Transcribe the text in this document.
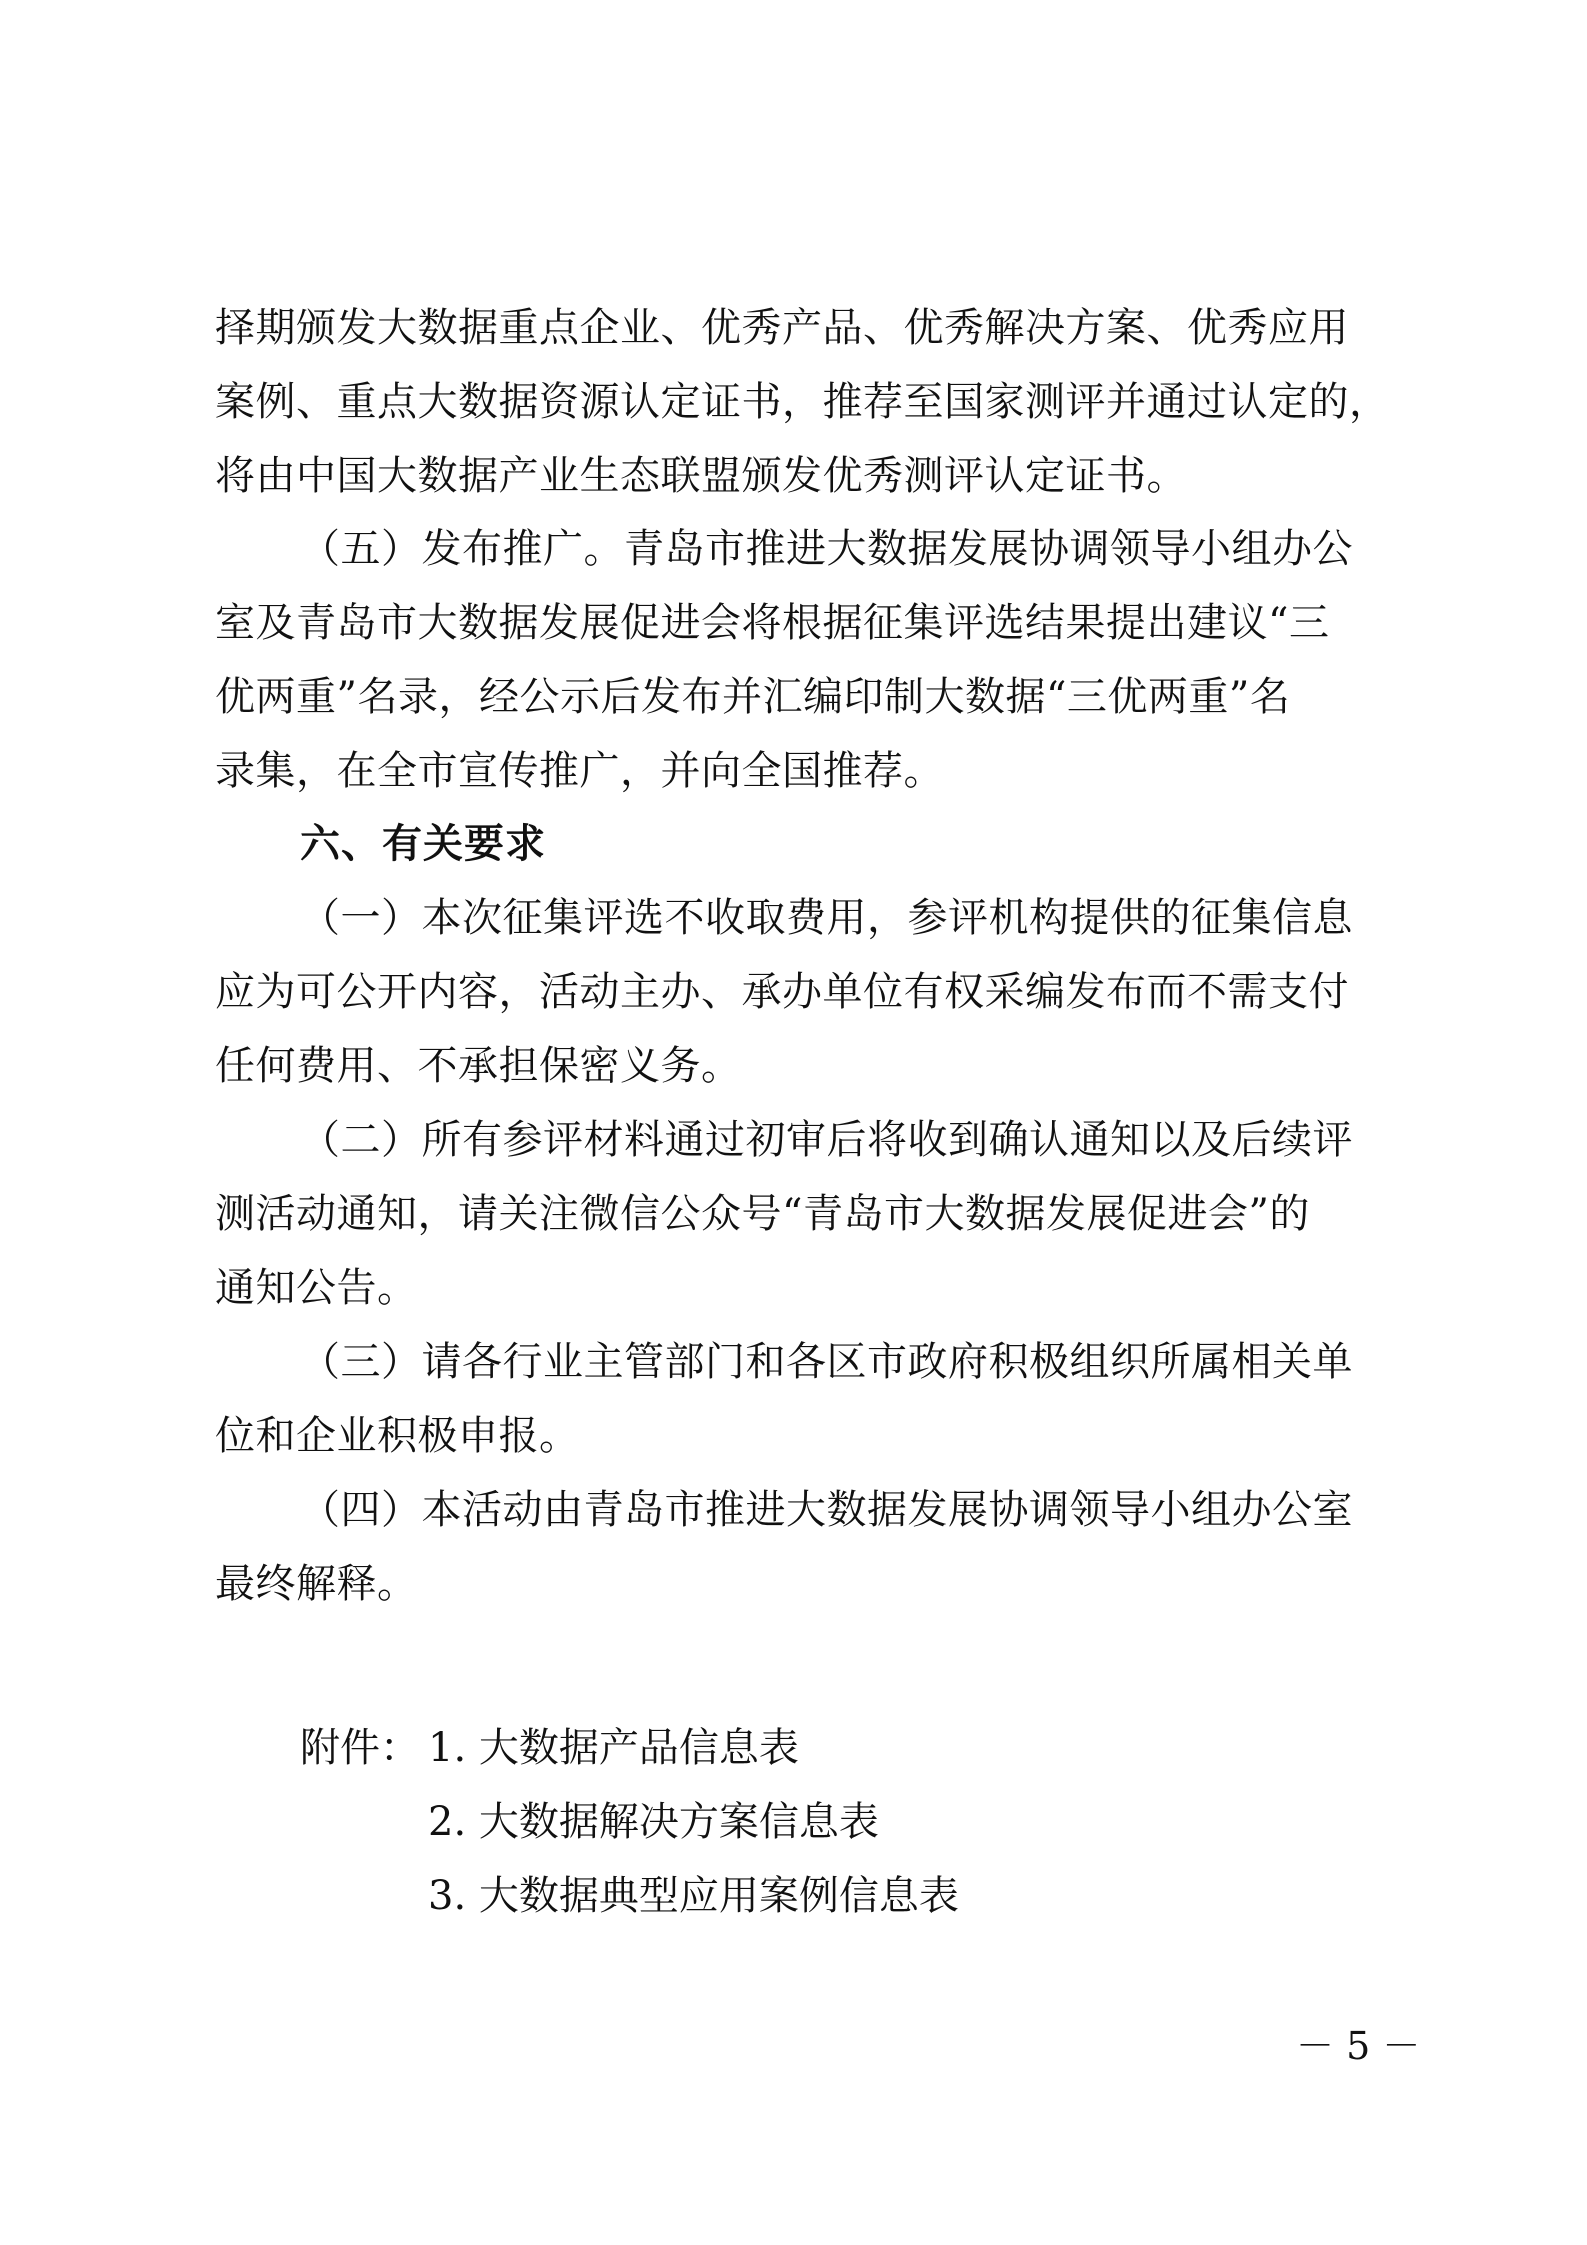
择期颁发大数据重点企业、优秀产品、优秀解决方案、优秀应用
案例、重点大数据资源认定证书，推荐至国家测评并通过认定的，
将由中国大数据产业生态联盟颁发优秀测评认定证书。
（五）发布推广。青岛市推进大数据发展协调领导小组办公
室及青岛市大数据发展促进会将根据征集评选结果提出建议“三
优两重”名录，经公示后发布并汇编印制大数据“三优两重”名
录集，在全市宣传推广，并向全国推荐。
六、有关要求
（一）本次征集评选不收取费用，参评机构提供的征集信息
应为可公开内容，活动主办、承办单位有权采编发布而不需支付
任何费用、不承担保密义务。
（二）所有参评材料通过初审后将收到确认通知以及后续评
测活动通知，请关注微信公众号“青岛市大数据发展促进会”的
通知公告。
（三）请各行业主管部门和各区市政府积极组织所属相关单
位和企业积极申报。
（四）本活动由青岛市推进大数据发展协调领导小组办公室
最终解释。
附件： 1. 大数据产品信息表
2. 大数据解决方案信息表
3. 大数据典型应用案例信息表
－ 5 －
